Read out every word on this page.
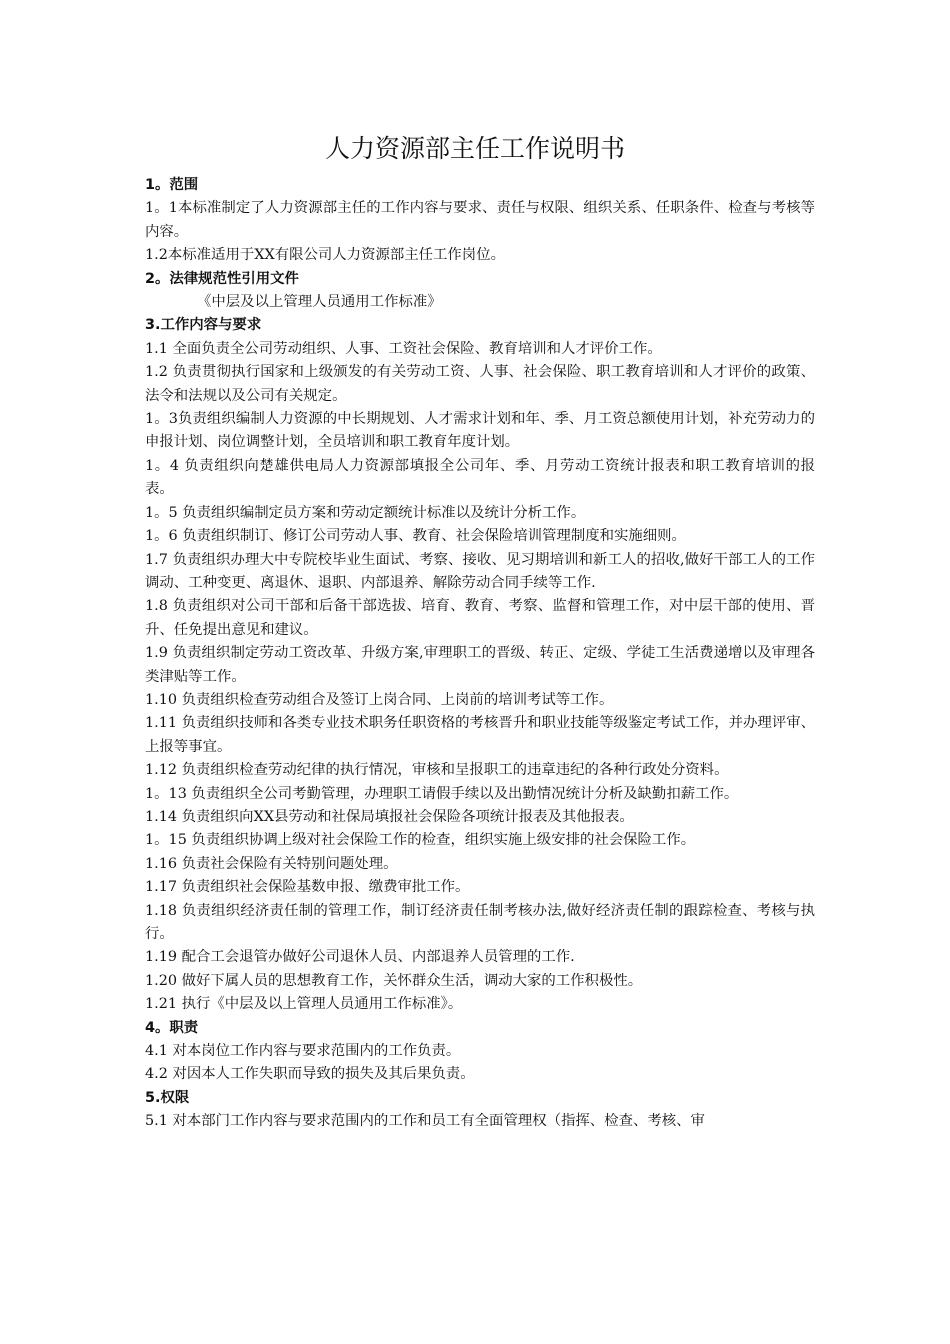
人力资源部主任工作说明书

1。范围

1。1本标准制定了人力资源部主任的工作内容与要求、责任与权限、组织关系、任职条件、检查与考核等内容。

1.2本标准适用于XX有限公司人力资源部主任工作岗位。

2。法律规范性引用文件

《中层及以上管理人员通用工作标准》

3.工作内容与要求

1.1 全面负责全公司劳动组织、人事、工资社会保险、教育培训和人才评价工作。

1.2 负责贯彻执行国家和上级颁发的有关劳动工资、人事、社会保险、职工教育培训和人才评价的政策、法令和法规以及公司有关规定。

1。3负责组织编制人力资源的中长期规划、人才需求计划和年、季、月工资总额使用计划，补充劳动力的申报计划、岗位调整计划，全员培训和职工教育年度计划。

1。4 负责组织向楚雄供电局人力资源部填报全公司年、季、月劳动工资统计报表和职工教育培训的报表。

1。5 负责组织编制定员方案和劳动定额统计标准以及统计分析工作。

1。6 负责组织制订、修订公司劳动人事、教育、社会保险培训管理制度和实施细则。

1.7 负责组织办理大中专院校毕业生面试、考察、接收、见习期培训和新工人的招收,做好干部工人的工作调动、工种变更、离退休、退职、内部退养、解除劳动合同手续等工作.

1.8 负责组织对公司干部和后备干部选拔、培育、教育、考察、监督和管理工作，对中层干部的使用、晋升、任免提出意见和建议。

1.9 负责组织制定劳动工资改革、升级方案,审理职工的晋级、转正、定级、学徒工生活费递增以及审理各类津贴等工作。

1.10 负责组织检查劳动组合及签订上岗合同、上岗前的培训考试等工作。

1.11 负责组织技师和各类专业技术职务任职资格的考核晋升和职业技能等级鉴定考试工作，并办理评审、上报等事宜。

1.12 负责组织检查劳动纪律的执行情况，审核和呈报职工的违章违纪的各种行政处分资料。

1。13 负责组织全公司考勤管理，办理职工请假手续以及出勤情况统计分析及缺勤扣薪工作。

1.14 负责组织向XX县劳动和社保局填报社会保险各项统计报表及其他报表。

1。15 负责组织协调上级对社会保险工作的检查，组织实施上级安排的社会保险工作。

1.16 负责社会保险有关特别问题处理。

1.17 负责组织社会保险基数申报、缴费审批工作。

1.18 负责组织经济责任制的管理工作，制订经济责任制考核办法,做好经济责任制的跟踪检查、考核与执行。

1.19 配合工会退管办做好公司退休人员、内部退养人员管理的工作.

1.20 做好下属人员的思想教育工作，关怀群众生活，调动大家的工作积极性。

1.21 执行《中层及以上管理人员通用工作标准》。

4。职责

4.1 对本岗位工作内容与要求范围内的工作负责。

4.2 对因本人工作失职而导致的损失及其后果负责。

5.权限

5.1 对本部门工作内容与要求范围内的工作和员工有全面管理权（指挥、检查、考核、审
